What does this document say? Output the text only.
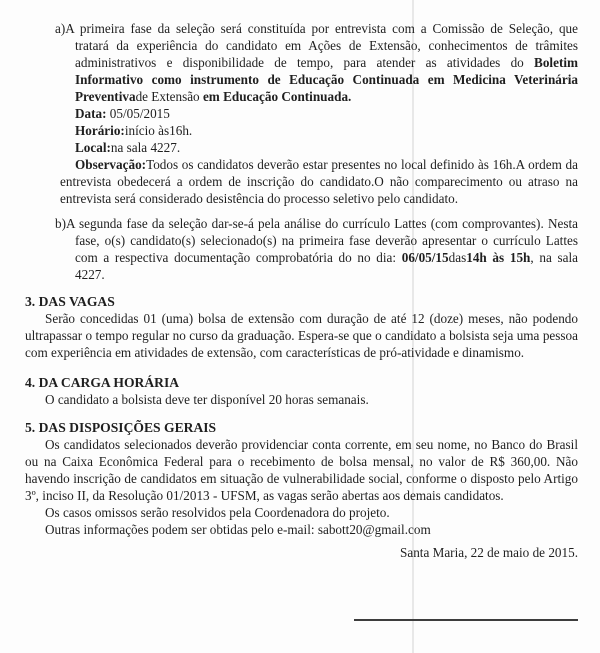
a)A primeira fase da seleção será constituída por entrevista com a Comissão de Seleção, que tratará da experiência do candidato em Ações de Extensão, conhecimentos de trâmites administrativos e disponibilidade de tempo, para atender as atividades do Boletim Informativo como instrumento de Educação Continuada em Medicina Veterinária Preventivade Extensão em Educação Continuada.
Data: 05/05/2015
Horário:início às16h.
Local:na sala 4227.
Observação:Todos os candidatos deverão estar presentes no local definido às 16h.A ordem da entrevista obedecerá a ordem de inscrição do candidato.O não comparecimento ou atraso na entrevista será considerado desistência do processo seletivo pelo candidato.
b)A segunda fase da seleção dar-se-á pela análise do currículo Lattes (com comprovantes). Nesta fase, o(s) candidato(s) selecionado(s) na primeira fase deverão apresentar o currículo Lattes com a respectiva documentação comprobatória do no dia: 06/05/15das14h às 15h, na sala 4227.
3. DAS VAGAS
Serão concedidas 01 (uma) bolsa de extensão com duração de até 12 (doze) meses, não podendo ultrapassar o tempo regular no curso da graduação. Espera-se que o candidato a bolsista seja uma pessoa com experiência em atividades de extensão, com características de pró-atividade e dinamismo.
4. DA CARGA HORÁRIA
O candidato a bolsista deve ter disponível 20 horas semanais.
5. DAS DISPOSIÇÕES GERAIS
Os candidatos selecionados deverão providenciar conta corrente, em seu nome, no Banco do Brasil ou na Caixa Econômica Federal para o recebimento de bolsa mensal, no valor de R$ 360,00. Não havendo inscrição de candidatos em situação de vulnerabilidade social, conforme o disposto pelo Artigo 3º, inciso II, da Resolução 01/2013 - UFSM, as vagas serão abertas aos demais candidatos.
Os casos omissos serão resolvidos pela Coordenadora do projeto.
Outras informações podem ser obtidas pelo e-mail: sabott20@gmail.com
Santa Maria, 22 de maio de 2015.
